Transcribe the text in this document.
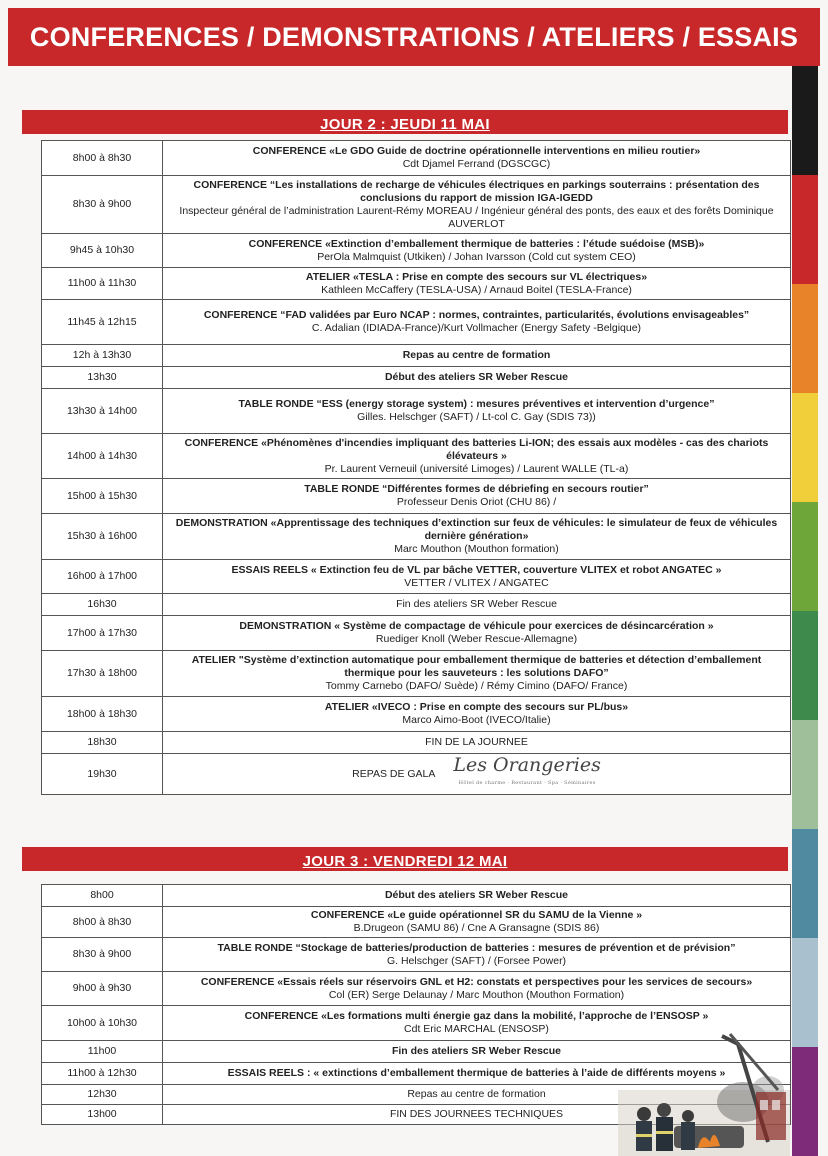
CONFERENCES / DEMONSTRATIONS / ATELIERS / ESSAIS
JOUR 2 : JEUDI 11 MAI
8h00 à 8h30	CONFERENCE «Le GDO Guide de doctrine opérationnelle interventions en milieu routier»
Cdt Djamel Ferrand (DGSCGC)

8h30 à 9h00	CONFERENCE “Les installations de recharge de véhicules électriques en parkings souterrains : présentation des conclusions du rapport de mission IGA-IGEDD
Inspecteur général de l’administration Laurent-Rémy MOREAU / Ingénieur général des ponts, des eaux et des forêts Dominique AUVERLOT

9h45 à 10h30	CONFERENCE «Extinction d’emballement thermique de batteries : l’étude suédoise (MSB)»
PerOla Malmquist (Utkiken) / Johan Ivarsson (Cold cut system CEO)

11h00 à 11h30	ATELIER «TESLA : Prise en compte des secours sur VL électriques»
Kathleen McCaffery (TESLA-USA) / Arnaud Boitel (TESLA-France)

11h45 à 12h15	CONFERENCE “FAD validées par Euro NCAP : normes, contraintes, particularités, évolutions envisageables”
C. Adalian (IDIADA-France)/Kurt Vollmacher (Energy Safety -Belgique)

12h à 13h30	Repas au centre de formation

13h30	Début des ateliers SR Weber Rescue

13h30 à 14h00	TABLE RONDE “ESS (energy storage system) : mesures préventives et intervention d’urgence”
Gilles. Helschger (SAFT) / Lt-col C. Gay (SDIS 73))

14h00 à 14h30	CONFERENCE «Phénomènes d'incendies impliquant des batteries Li-ION; des essais aux modèles - cas des chariots élévateurs »
Pr. Laurent Verneuil (université Limoges) / Laurent WALLE (TL-a)

15h00 à 15h30	TABLE RONDE “Différentes formes de débriefing en secours routier”
Professeur Denis Oriot (CHU 86) /

15h30 à 16h00	DEMONSTRATION «Apprentissage des techniques d’extinction sur feux de véhicules: le simulateur de feux de véhicules dernière génération»
Marc Mouthon (Mouthon formation)

16h00 à 17h00	ESSAIS REELS « Extinction feu de VL par bâche VETTER, couverture VLITEX et robot ANGATEC »
VETTER / VLITEX / ANGATEC

16h30	Fin des ateliers SR Weber Rescue

17h00 à 17h30	DEMONSTRATION « Système de compactage de véhicule pour exercices de désincarcération »
Ruediger Knoll (Weber Rescue-Allemagne)

17h30 à 18h00	ATELIER "Système d’extinction automatique pour emballement thermique de batteries et détection d’emballement thermique pour les sauveteurs : les solutions DAFO”
Tommy Carnebo (DAFO/ Suède) / Rémy Cimino (DAFO/ France)

18h00 à 18h30	ATELIER «IVECO : Prise en compte des secours sur PL/bus»
Marco Aimo-Boot (IVECO/Italie)

18h30	FIN DE LA JOURNEE

19h30	REPAS DE GALA Les Orangeries
Hôtel de charme · Restaurant · Spa · Séminaires
JOUR 3 : VENDREDI 12 MAI
8h00	Début des ateliers SR Weber Rescue

8h00 à 8h30	CONFERENCE «Le guide opérationnel SR du SAMU de la Vienne »
B.Drugeon (SAMU 86) / Cne A Gransagne (SDIS 86)

8h30 à 9h00	TABLE RONDE “Stockage de batteries/production de batteries : mesures de prévention et de prévision”
G. Helschger (SAFT) / (Forsee Power)

9h00 à 9h30	CONFERENCE «Essais réels sur réservoirs GNL et H2: constats et perspectives pour les services de secours»
Col (ER) Serge Delaunay / Marc Mouthon (Mouthon Formation)

10h00 à 10h30	CONFERENCE «Les formations multi énergie gaz dans la mobilité, l’approche de l’ENSOSP »
Cdt Eric MARCHAL (ENSOSP)

11h00	Fin des ateliers SR Weber Rescue

11h00 à 12h30	ESSAIS REELS : « extinctions d’emballement thermique de batteries à l’aide de différents moyens »

12h30	Repas au centre de formation

13h00	FIN DES JOURNEES TECHNIQUES
